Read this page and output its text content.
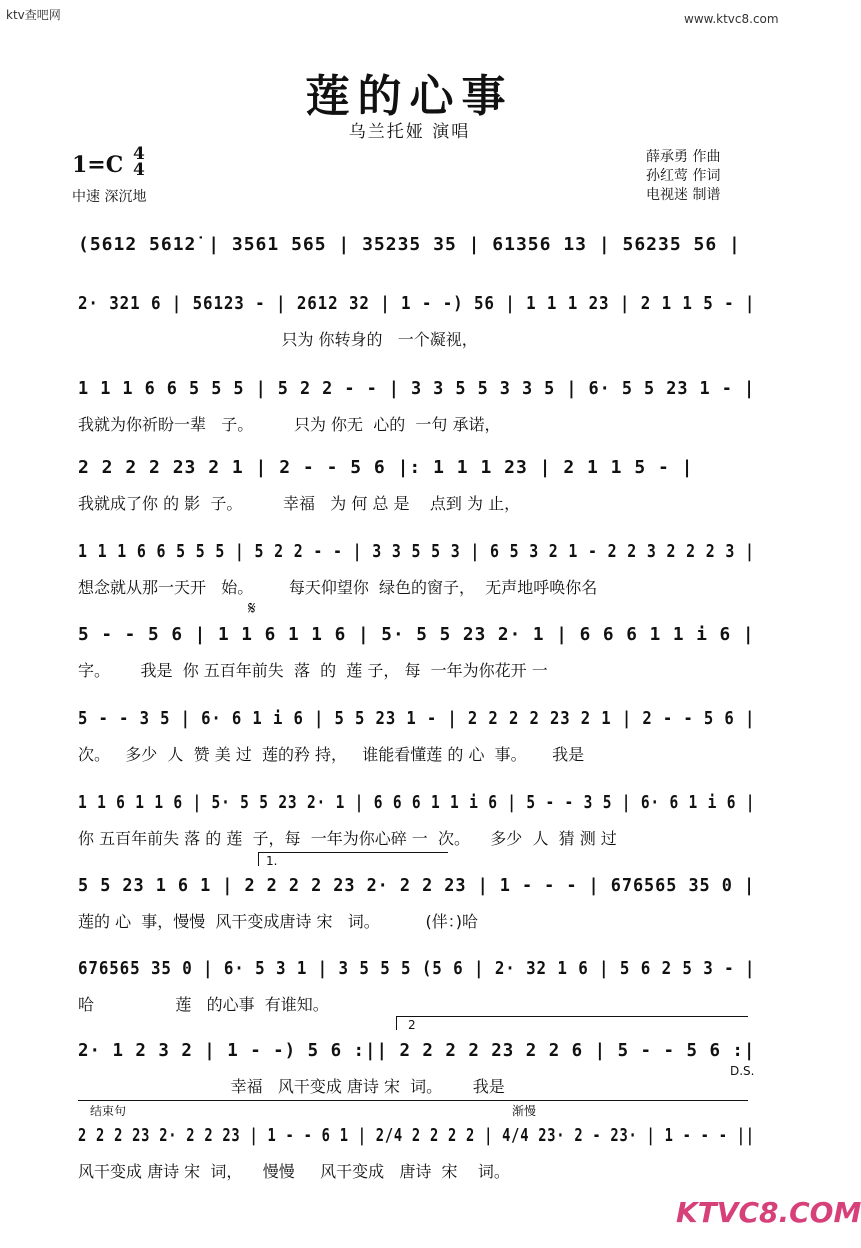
ktv查吧网	www.ktvc8.com
莲的心事
乌兰托娅 演唱
1=C 4
4
中速 深沉地
薛承勇 作曲
孙红莺 作词
电视迷 制谱
(5612 5612̇ | 3561 565 | 35235 35 | 61356 13 | 56235 56 |
2· 321 6 | 56123 - | 2612 32 | 1 - -) 56 | 1 1 1 23 | 2 1 1 5 - |
只为 你转身的   一个凝视，
1 1 1 6 6 5 5 5 | 5 2 2 - - | 3 3 5 5 3 3 5 | 6· 5 5 23 1 - |
我就为你祈盼一辈   子。        只为 你无  心的  一句 承诺，
2 2 2 2 23 2 1 | 2 - - 5 6 |: 1 1 1 23 | 2 1 1 5 - |
我就成了你 的 影  子。        幸福   为 何 总 是    点到 为 止，
1 1 1 6 6 5 5 5 | 5 2 2 - - | 3 3 5 5 3 | 6 5 3 2 1 - 2 2 3 2 2 2 3 |
想念就从那一天开   始。       每天仰望你  绿色的窗子，  无声地呼唤你名
𝄋
5 - - 5 6 | 1 1 6 1 1 6 | 5· 5 5 23 2· 1 | 6 6 6 1 1 i 6 |
字。      我是  你 五百年前失  落  的  莲 子， 每  一年为你花开 一
5 - - 3 5 | 6· 6 1 i 6 | 5 5 23 1 - | 2 2 2 2 23 2 1 | 2 - - 5 6 |
次。   多少  人  赞 美 过  莲的矜 持，   谁能看懂莲 的 心  事。     我是
1 1 6 1 1 6 | 5· 5 5 23 2· 1 | 6 6 6 1 1 i 6 | 5 - - 3 5 | 6· 6 1 i 6 |
你 五百年前失 落 的 莲  子，每  一年为你心碎 一  次。    多少  人  猜 测 过
1.
5 5 23 1 6 1 | 2 2 2 2 23 2· 2 2 23 | 1 - - - | 676565 35 0 |
莲的 心  事，慢慢  风干变成唐诗 宋   词。         (伴：)哈
676565 35 0 | 6· 5 3 1 | 3 5 5 5 (5 6 | 2· 32 1 6 | 5 6 2 5 3 - |
哈                莲   的心事  有谁知。
2
2· 1 2 3 2 | 1 - -) 5 6 :|| 2 2 2 2 23 2 2 6 | 5 - - 5 6 :|
幸福   风干变成 唐诗 宋  词。      我是
D.S.
结束句	渐慢
2 2 2 23 2· 2 2 23 | 1 - - 6 1 | 2/4 2 2 2 2 | 4/4 23· 2 - 23· | 1 - - - ||
风干变成 唐诗 宋  词，    慢慢     风干变成   唐诗  宋    词。
KTVC8.COM
